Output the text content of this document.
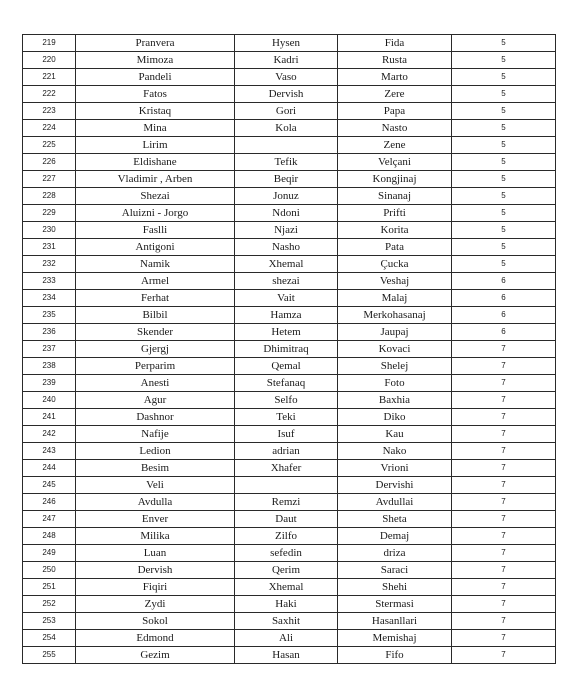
219	Pranvera	Hysen	Fida	5
220	Mimoza	Kadri	Rusta	5
221	Pandeli	Vaso	Marto	5
222	Fatos	Dervish	Zere	5
223	Kristaq	Gori	Papa	5
224	Mina	Kola	Nasto	5
225	Lirim		Zene	5
226	Eldishane	Tefik	Velçani	5
227	Vladimir , Arben	Beqir	Kongjinaj	5
228	Shezai	Jonuz	Sinanaj	5
229	Aluizni - Jorgo	Ndoni	Prifti	5
230	Faslli	Njazi	Korita	5
231	Antigoni	Nasho	Pata	5
232	Namik	Xhemal	Çucka	5
233	Armel	shezai	Veshaj	6
234	Ferhat	Vait	Malaj	6
235	Bilbil	Hamza	Merkohasanaj	6
236	Skender	Hetem	Jaupaj	6
237	Gjergj	Dhimitraq	Kovaci	7
238	Perparim	Qemal	Shelej	7
239	Anesti	Stefanaq	Foto	7
240	Agur	Selfo	Baxhia	7
241	Dashnor	Teki	Diko	7
242	Nafije	Isuf	Kau	7
243	Ledion	adrian	Nako	7
244	Besim	Xhafer	Vrioni	7
245	Veli		Dervishi	7
246	Avdulla	Remzi	Avdullai	7
247	Enver	Daut	Sheta	7
248	Milika	Zilfo	Demaj	7
249	Luan	sefedin	driza	7
250	Dervish	Qerim	Saraci	7
251	Fiqiri	Xhemal	Shehi	7
252	Zydi	Haki	Stermasi	7
253	Sokol	Saxhit	Hasanllari	7
254	Edmond	Ali	Memishaj	7
255	Gezim	Hasan	Fifo	7
